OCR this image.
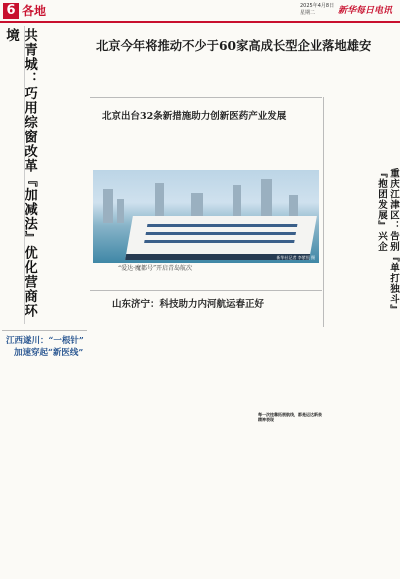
6 各地	2025年4月8日
星期二	新华每日电讯
共青城：巧用综窗改革『加减法』优化营商环境
江西遂川：“一根针”
加速穿起“新医线”
北京今年将推动不少于60家高成长型企业落地雄安
北京出台32条新措施助力创新医药产业发展
重庆江津区：告别『单打独斗』『抱团发展』兴企
新华社记者 李紫恒 摄
“爱达·魔都号”开启青岛航次
山东济宁：科技助力内河航运春正好
每一次挂靠拓展航线，都是运达新泉精神表现
